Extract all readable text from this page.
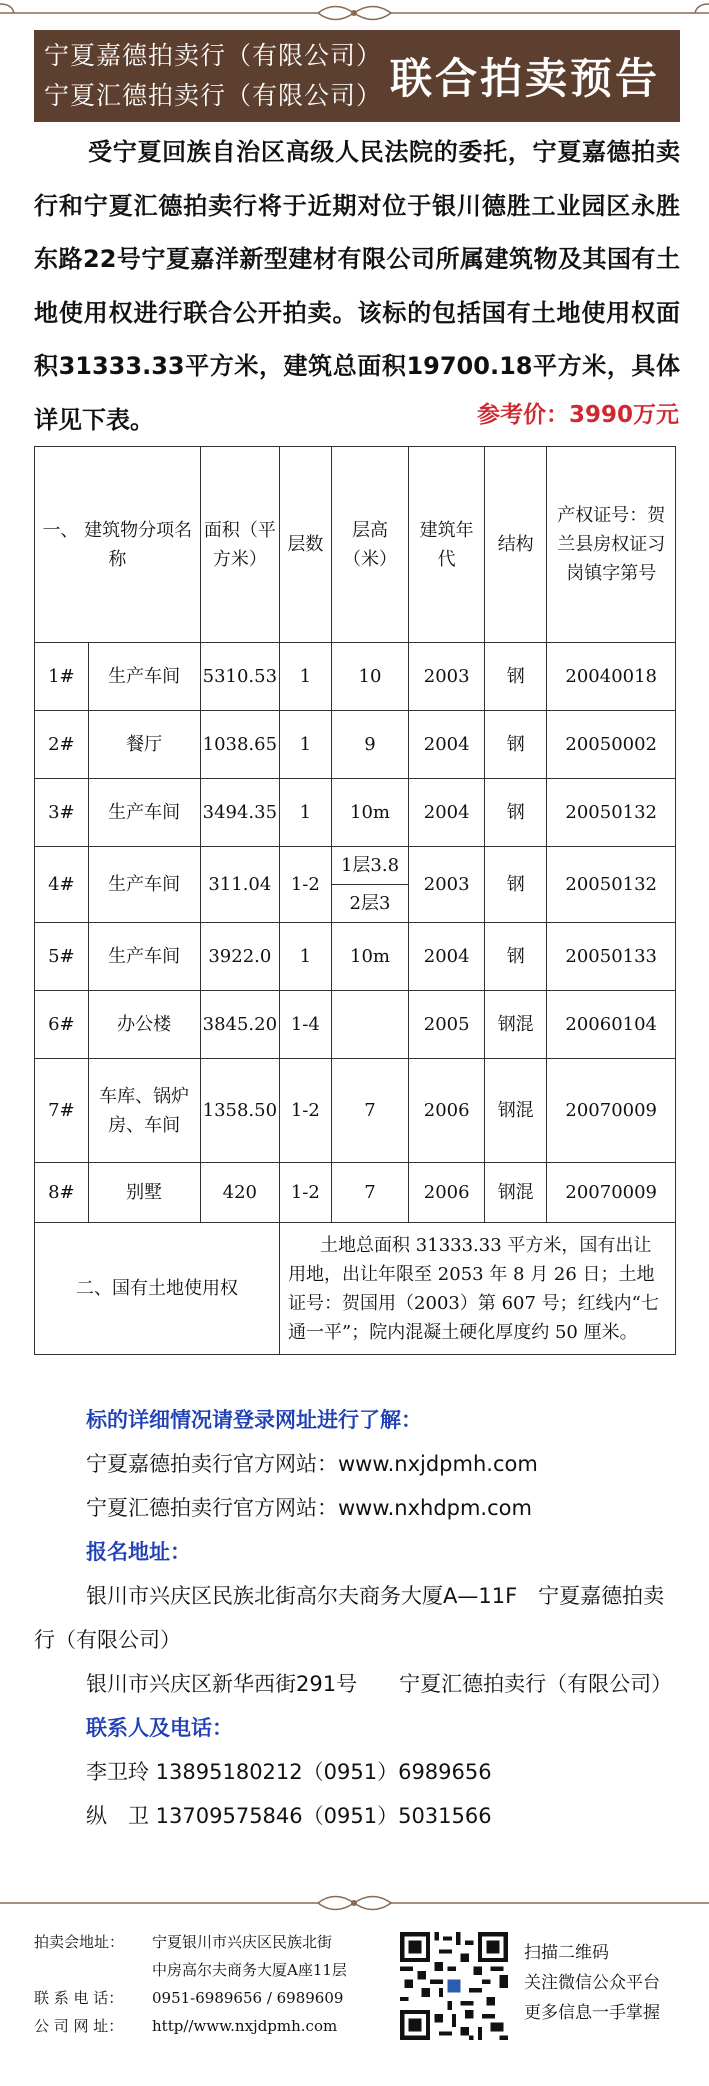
宁夏嘉德拍卖行（有限公司）
宁夏汇德拍卖行（有限公司） 联合拍卖预告
受宁夏回族自治区高级人民法院的委托，宁夏嘉德拍卖行和宁夏汇德拍卖行将于近期对位于银川德胜工业园区永胜东路22号宁夏嘉洋新型建材有限公司所属建筑物及其国有土地使用权进行联合公开拍卖。该标的包括国有土地使用权面积31333.33平方米，建筑总面积19700.18平方米，具体详见下表。	参考价：3990万元
一、 建筑物分项名称		面积（平方米）	层数	层高（米）	建筑年代	结构	产权证号：贺兰县房权证习岗镇字第号
1#	生产车间	5310.53	1	10	2003	钢	20040018
2#	餐厅	1038.65	1	9	2004	钢	20050002
3#	生产车间	3494.35	1	10m	2004	钢	20050132
4#	生产车间	311.04	1-2	1层3.8	2003	钢	20050132
				2层3			
5#	生产车间	3922.0	1	10m	2004	钢	20050133
6#	办公楼	3845.20	1-4		2005	钢混	20060104
7#	车库、锅炉房、车间	1358.50	1-2	7	2006	钢混	20070009
8#	别墅	420	1-2	7	2006	钢混	20070009
二、国有土地使用权			土地总面积 31333.33 平方米，国有出让用地，出让年限至 2053 年 8 月 26 日；土地证号：贺国用（2003）第 607 号；红线内“七通一平”；院内混凝土硬化厚度约 50 厘米。				
标的详细情况请登录网址进行了解：
宁夏嘉德拍卖行官方网站：www.nxjdpmh.com
宁夏汇德拍卖行官方网站：www.nxhdpm.com
报名地址：
银川市兴庆区民族北街高尔夫商务大厦A—11F　宁夏嘉德拍卖行（有限公司）
银川市兴庆区新华西街291号　　宁夏汇德拍卖行（有限公司）
联系人及电话：
李卫玲 13895180212（0951）6989656
纵　卫 13709575846（0951）5031566
拍卖会地址：	宁夏银川市兴庆区民族北街
中房高尔夫商务大厦A座11层
联 系 电 话：	0951-6989656 / 6989609
公 司 网 址：	http//www.nxjdpmh.com
扫描二维码
关注微信公众平台
更多信息一手掌握
